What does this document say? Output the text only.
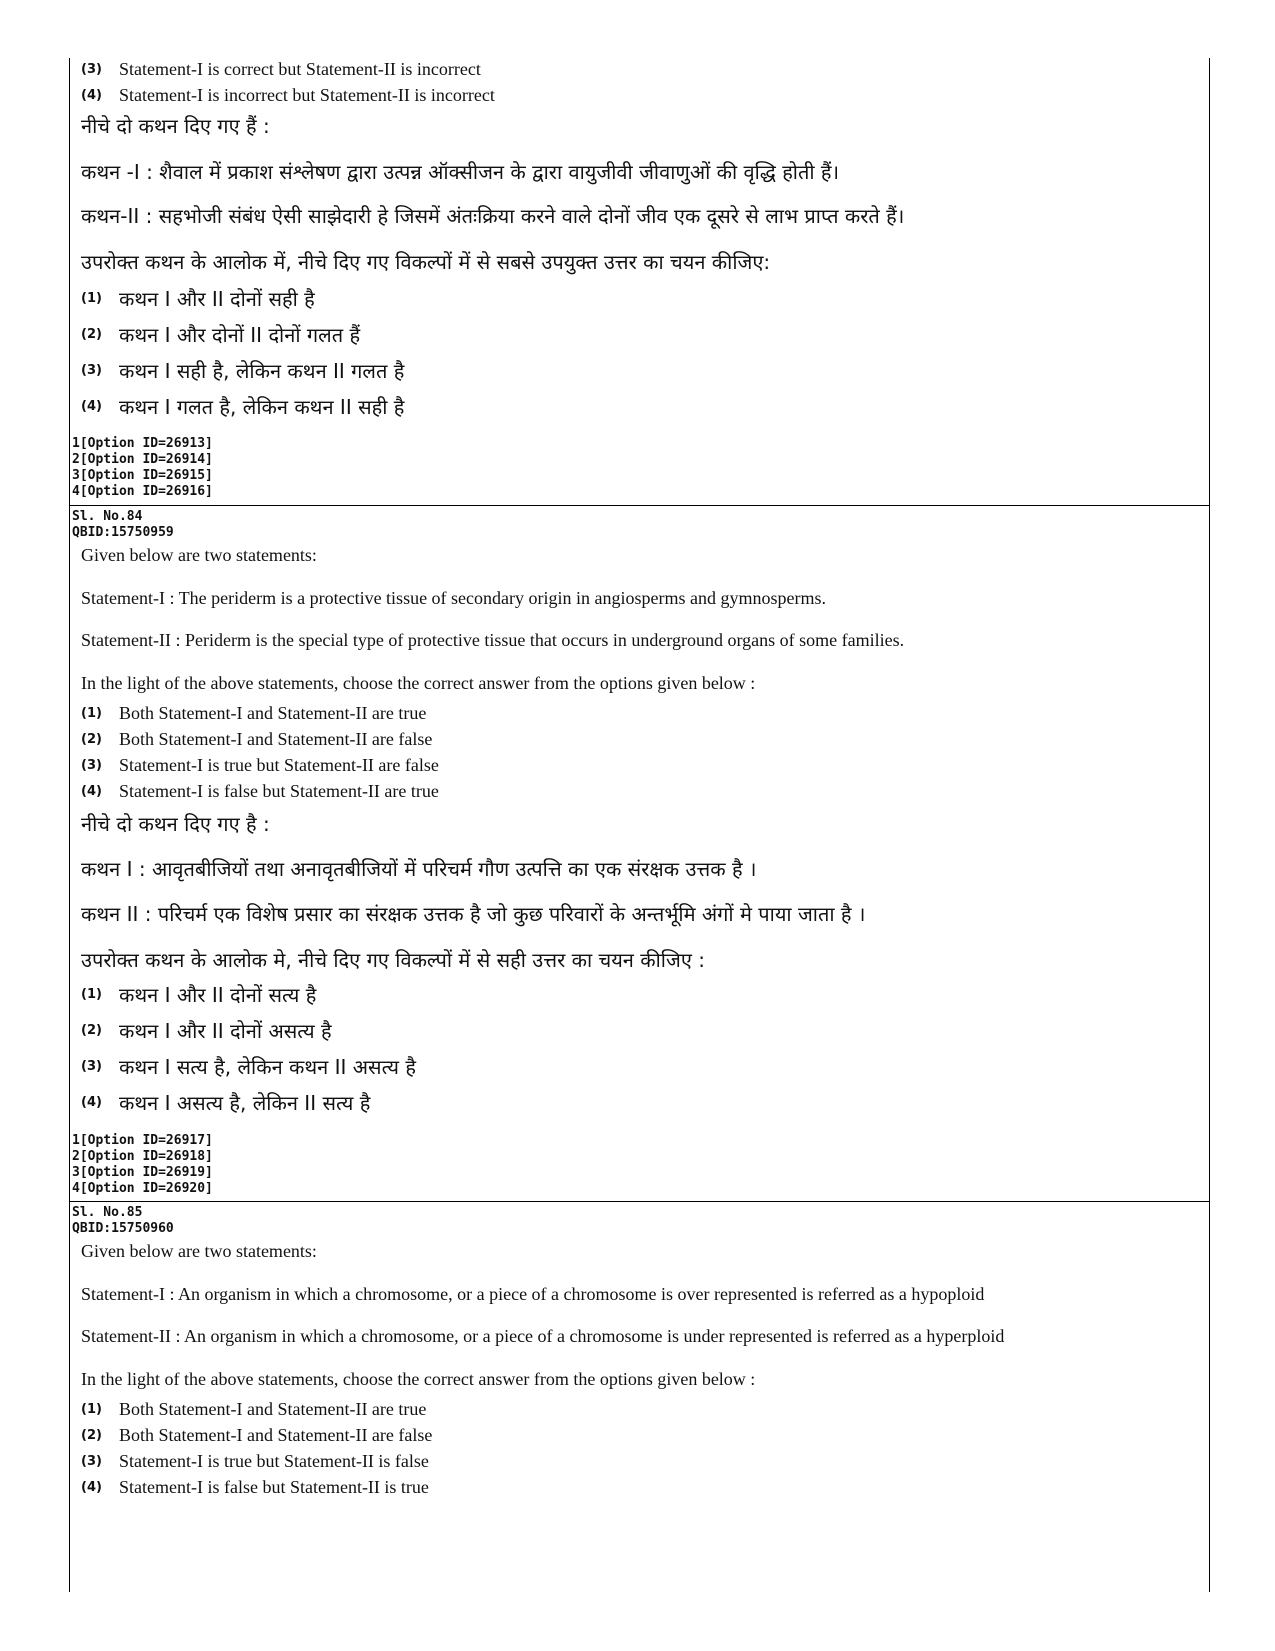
(3) Statement-I is correct but Statement-II is incorrect
(4) Statement-I is incorrect but Statement-II is incorrect
नीचे दो कथन दिए गए हैं :
कथन -I : शैवाल में प्रकाश संश्लेषण द्वारा उत्पन्न ऑक्सीजन के द्वारा वायुजीवी जीवाणुओं की वृद्धि होती हैं।
कथन-II : सहभोजी संबंध ऐसी साझेदारी हे जिसमें अंतःक्रिया करने वाले दोनों जीव एक दूसरे से लाभ प्राप्त करते हैं।
उपरोक्त कथन के आलोक में, नीचे दिए गए विकल्पों में से सबसे उपयुक्त उत्तर का चयन कीजिए:
(1) कथन I और II दोनों सही है
(2) कथन I और दोनों II दोनों गलत हैं
(3) कथन I सही है, लेकिन कथन II गलत है
(4) कथन I गलत है, लेकिन कथन II सही है
1[Option ID=26913]
2[Option ID=26914]
3[Option ID=26915]
4[Option ID=26916]
Sl. No.84
QBID:15750959
Given below are two statements:
Statement-I : The periderm is a protective tissue of secondary origin in angiosperms and gymnosperms.
Statement-II : Periderm is the special type of protective tissue that occurs in underground organs of some families.
In the light of the above statements, choose the correct answer from the options given below :
(1) Both Statement-I and Statement-II are true
(2) Both Statement-I and Statement-II are false
(3) Statement-I is true but Statement-II are false
(4) Statement-I is false but Statement-II are true
नीचे दो कथन दिए गए है :
कथन I : आवृतबीजियों तथा अनावृतबीजियों में परिचर्म गौण उत्पत्ति का एक संरक्षक उत्तक है ।
कथन II : परिचर्म एक विशेष प्रसार का संरक्षक उत्तक है जो कुछ परिवारों के अन्तर्भूमि अंगों मे पाया जाता है ।
उपरोक्त कथन के आलोक मे, नीचे दिए गए विकल्पों में से सही उत्तर का चयन कीजिए :
(1) कथन I और II दोनों सत्य है
(2) कथन I और II दोनों असत्य है
(3) कथन I सत्य है, लेकिन कथन II असत्य है
(4) कथन I असत्य है, लेकिन II सत्य है
1[Option ID=26917]
2[Option ID=26918]
3[Option ID=26919]
4[Option ID=26920]
Sl. No.85
QBID:15750960
Given below are two statements:
Statement-I : An organism in which a chromosome, or a piece of a chromosome is over represented is referred as a hypoploid
Statement-II : An organism in which a chromosome, or a piece of a chromosome is under represented is referred as a hyperploid
In the light of the above statements, choose the correct answer from the options given below :
(1) Both Statement-I and Statement-II are true
(2) Both Statement-I and Statement-II are false
(3) Statement-I is true but Statement-II is false
(4) Statement-I is false but Statement-II is true
